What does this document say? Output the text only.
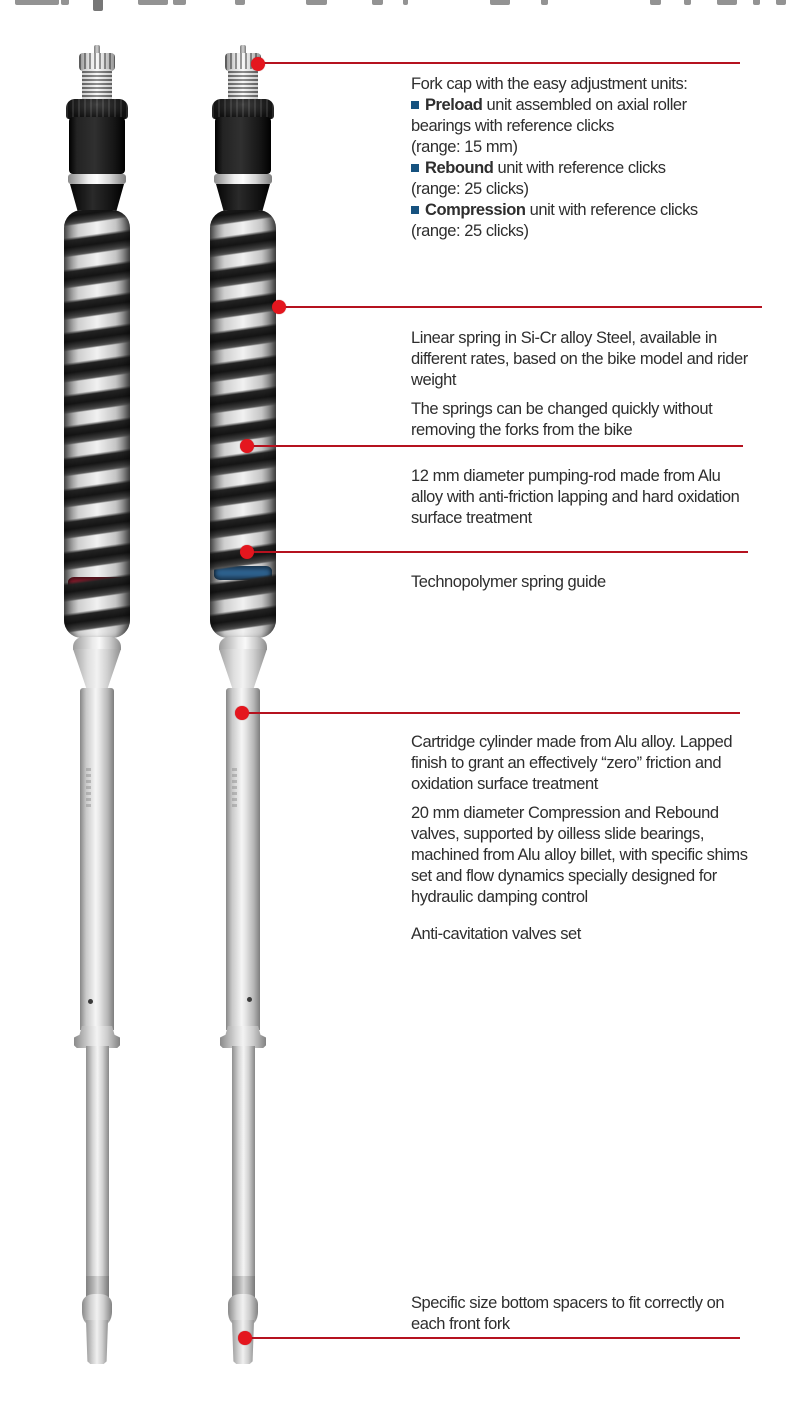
Fork cap with the easy adjustment units:

Preload unit assembled on axial roller bearings with reference clicks
(range: 15 mm)

Rebound unit with reference clicks
(range: 25 clicks)

Compression unit with reference clicks
(range: 25 clicks)

Linear spring in Si-Cr alloy Steel, available in different rates, based on the bike model and rider weight

The springs can be changed quickly without removing the forks from the bike

12 mm diameter pumping-rod made from Alu alloy with anti-friction lapping and hard oxidation surface treatment

Technopolymer spring guide

Cartridge cylinder made from Alu alloy. Lapped finish to grant an effectively “zero” friction and oxidation surface treatment

20 mm diameter Compression and Rebound valves, supported by oilless slide bearings, machined from Alu alloy billet, with specific shims set and flow dynamics specially designed for hydraulic damping control

Anti-cavitation valves set

Specific size bottom spacers to fit correctly on each front fork
